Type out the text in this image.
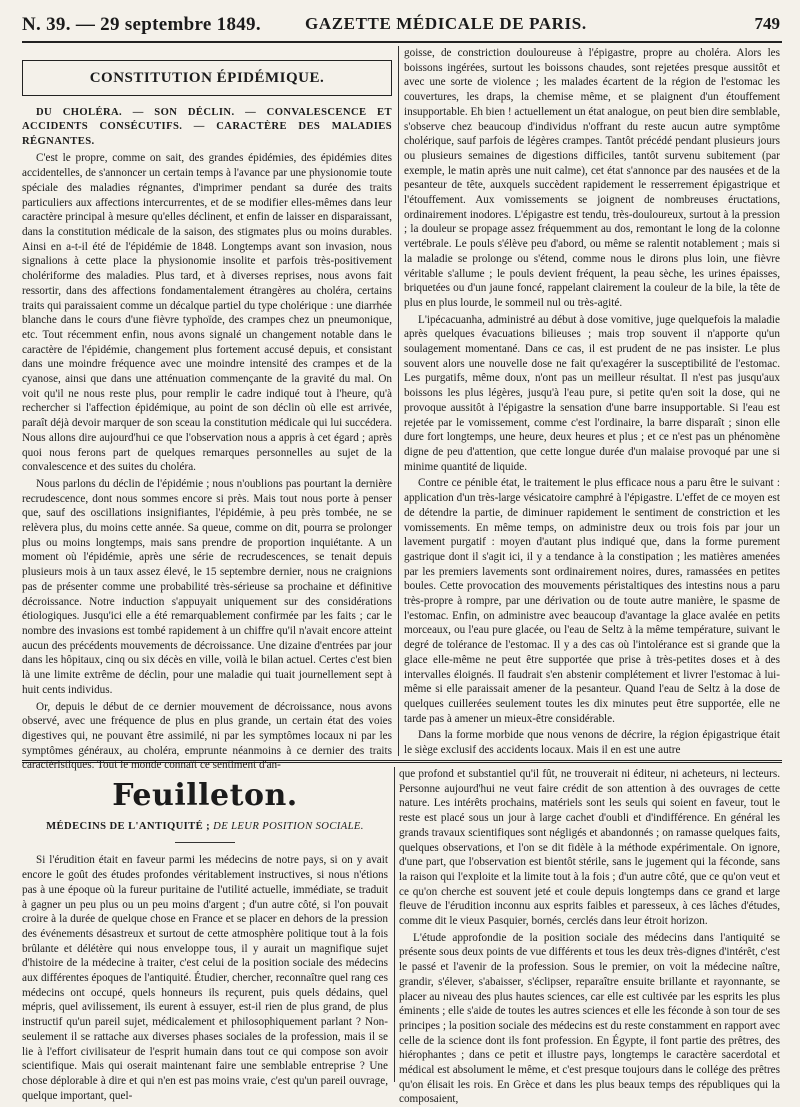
N. 39. — 29 septembre 1849.	GAZETTE MÉDICALE DE PARIS.	749
CONSTITUTION ÉPIDÉMIQUE.

DU CHOLÉRA. — SON DÉCLIN. — CONVALESCENCE ET ACCIDENTS CONSÉCUTIFS. — CARACTÈRE DES MALADIES RÉGNANTES.

C'est le propre, comme on sait, des grandes épidémies, des épidémies dites accidentelles, de s'annoncer un certain temps à l'avance par une physionomie toute spéciale des maladies régnantes, d'imprimer pendant sa durée des traits particuliers aux affections intercurrentes, et de se modifier elles-mêmes dans leur caractère principal à mesure qu'elles déclinent, et enfin de laisser en disparaissant, dans la constitution médicale de la saison, des stigmates plus ou moins durables. Ainsi en a-t-il été de l'épidémie de 1848. Longtemps avant son invasion, nous signalions à cette place la physionomie insolite et parfois très-positivement cholériforme des maladies. Plus tard, et à diverses reprises, nous avons fait ressortir, dans des affections fondamentalement étrangères au choléra, certains traits qui paraissaient comme un décalque partiel du type cholérique : une diarrhée blanche dans le cours d'une fièvre typhoïde, des crampes chez un pneumonique, etc. Tout récemment enfin, nous avons signalé un changement notable dans le caractère de l'épidémie, changement plus fortement accusé depuis, et consistant dans une moindre fréquence avec une moindre intensité des crampes et de la cyanose, ainsi que dans une atténuation commençante de la gravité du mal. On voit qu'il ne nous reste plus, pour remplir le cadre indiqué tout à l'heure, qu'à rechercher si l'affection épidémique, au point de son déclin où elle est arrivée, paraît déjà devoir marquer de son sceau la constitution médicale qui lui succédera. Nous allons dire aujourd'hui ce que l'observation nous a appris à cet égard ; après quoi nous ferons part de quelques remarques personnelles au sujet de la convalescence et des suites du choléra.

Nous parlons du déclin de l'épidémie ; nous n'oublions pas pourtant la dernière recrudescence, dont nous sommes encore si près. Mais tout nous porte à penser que, sauf des oscillations insignifiantes, l'épidémie, à peu près tombée, ne se relèvera plus, du moins cette année. Sa queue, comme on dit, pourra se prolonger plus ou moins longtemps, mais sans prendre de proportion inquiétante. A un moment où l'épidémie, après une série de recrudescences, se tenait depuis plusieurs mois à un taux assez élevé, le 15 septembre dernier, nous ne craignions pas de présenter comme une probabilité très-sérieuse sa prochaine et définitive décroissance. Notre induction s'appuyait uniquement sur des considérations étiologiques. Jusqu'ici elle a été remarquablement confirmée par les faits ; car le nombre des invasions est tombé rapidement à un chiffre qu'il n'avait encore atteint aucun des précédents mouvements de décroissance. Une dizaine d'entrées par jour dans les hôpitaux, cinq ou six décès en ville, voilà le bilan actuel. Certes c'est bien là une limite extrême de déclin, pour une maladie qui tuait journellement sept à huit cents individus.

Or, depuis le début de ce dernier mouvement de décroissance, nous avons observé, avec une fréquence de plus en plus grande, un certain état des voies digestives qui, ne pouvant être assimilé, ni par les symptômes locaux ni par les symptômes généraux, au choléra, emprunte néanmoins à ce dernier des traits caractéristiques. Tout le monde connaît ce sentiment d'an-

goisse, de constriction douloureuse à l'épigastre, propre au choléra. Alors les boissons ingérées, surtout les boissons chaudes, sont rejetées presque aussitôt et avec une sorte de violence ; les malades écartent de la région de l'estomac les couvertures, les draps, la chemise même, et se plaignent d'un étouffement insupportable. Eh bien ! actuellement un état analogue, on peut bien dire semblable, s'observe chez beaucoup d'individus n'offrant du reste aucun autre symptôme cholérique, sauf parfois de légères crampes. Tantôt précédé pendant plusieurs jours ou plusieurs semaines de digestions difficiles, tantôt survenu subitement (par exemple, le matin après une nuit calme), cet état s'annonce par des nausées et de la pesanteur de tête, auxquels succèdent rapidement le resserrement épigastrique et l'étouffement. Aux vomissements se joignent de nombreuses éructations, ordinairement inodores. L'épigastre est tendu, très-douloureux, surtout à la pression ; la douleur se propage assez fréquemment au dos, remontant le long de la colonne vertébrale. Le pouls s'élève peu d'abord, ou même se ralentit notablement ; mais si la maladie se prolonge ou s'étend, comme nous le dirons plus loin, une fièvre véritable s'allume ; le pouls devient fréquent, la peau sèche, les urines épaisses, briquetées ou d'un jaune foncé, rappelant clairement la couleur de la bile, la tête de plus en plus lourde, le sommeil nul ou très-agité.

L'ipécacuanha, administré au début à dose vomitive, juge quelquefois la maladie après quelques évacuations bilieuses ; mais trop souvent il n'apporte qu'un soulagement momentané. Dans ce cas, il est prudent de ne pas insister. Le plus souvent alors une nouvelle dose ne fait qu'exagérer la susceptibilité de l'estomac. Les purgatifs, même doux, n'ont pas un meilleur résultat. Il n'est pas jusqu'aux boissons les plus légères, jusqu'à l'eau pure, si petite qu'en soit la dose, qui ne provoque aussitôt à l'épigastre la sensation d'une barre insupportable. Si l'eau est rejetée par le vomissement, comme c'est l'ordinaire, la barre disparaît ; sinon elle dure fort longtemps, une heure, deux heures et plus ; et ce n'est pas un phénomène digne de peu d'attention, que cette longue durée d'un malaise provoqué par une si minime quantité de liquide.

Contre ce pénible état, le traitement le plus efficace nous a paru être le suivant : application d'un très-large vésicatoire camphré à l'épigastre. L'effet de ce moyen est de détendre la partie, de diminuer rapidement le sentiment de constriction et les vomissements. En même temps, on administre deux ou trois fois par jour un lavement purgatif : moyen d'autant plus indiqué que, dans la forme purement gastrique dont il s'agit ici, il y a tendance à la constipation ; les matières amenées par les premiers lavements sont ordinairement noires, dures, ramassées en petites boules. Cette provocation des mouvements péristaltiques des intestins nous a paru très-propre à rompre, par une dérivation ou de toute autre manière, le spasme de l'estomac. Enfin, on administre avec beaucoup d'avantage la glace avalée en petits morceaux, ou l'eau pure glacée, ou l'eau de Seltz à la même température, suivant le degré de tolérance de l'estomac. Il y a des cas où l'intolérance est si grande que la glace elle-même ne peut être supportée que prise à très-petites doses et à des intervalles éloignés. Il faudrait s'en abstenir complétement et livrer l'estomac à lui-même si elle paraissait amener de la pesanteur. Quand l'eau de Seltz à la dose de quelques cuillerées seulement toutes les dix minutes peut être supportée, elle ne tarde pas à amener un mieux-être considérable.

Dans la forme morbide que nous venons de décrire, la région épigastrique était le siège exclusif des accidents locaux. Mais il en est une autre

Feuilleton.
MÉDECINS DE L'ANTIQUITÉ ; DE LEUR POSITION SOCIALE.

Si l'érudition était en faveur parmi les médecins de notre pays, si on y avait encore le goût des études profondes véritablement instructives, si nous n'étions pas à une époque où la fureur puritaine de l'utilité actuelle, immédiate, se traduit à gagner un peu plus ou un peu moins d'argent ; d'un autre côté, si l'on pouvait croire à la durée de quelque chose en France et se placer en dehors de la pression des événements désastreux et surtout de cette atmosphère politique tout à la fois brûlante et délétère qui nous enveloppe tous, il y aurait un magnifique sujet d'histoire de la médecine à traiter, c'est celui de la position sociale des médecins aux différentes époques de l'antiquité. Étudier, chercher, reconnaître quel rang ces médecins ont occupé, quels honneurs ils reçurent, puis quels dédains, quel mépris, quel avilissement, ils eurent à essuyer, est-il rien de plus grand, de plus instructif qu'un pareil sujet, médicalement et philosophiquement parlant ? Non-seulement il se rattache aux diverses phases sociales de la profession, mais il se lie à l'effort civilisateur de l'esprit humain dans tout ce qui compose son avoir scientifique. Mais qui oserait maintenant faire une semblable entreprise ? Une chose déplorable à dire et qui n'en est pas moins vraie, c'est qu'un pareil ouvrage, quelque important, quel-

que profond et substantiel qu'il fût, ne trouverait ni éditeur, ni acheteurs, ni lecteurs. Personne aujourd'hui ne veut faire crédit de son attention à des ouvrages de cette nature. Les intérêts prochains, matériels sont les seuls qui soient en faveur, tout le reste est placé sous un jour à large cachet d'oubli et d'indifférence. En général les grands travaux scientifiques sont négligés et abandonnés ; on ramasse quelques faits, quelques observations, et l'on se dit fidèle à la méthode expérimentale. On ignore, d'une part, que l'observation est bientôt stérile, sans le jugement qui la féconde, sans la raison qui l'exploite et la limite tout à la fois ; d'un autre côté, que ce qu'on veut et ce qu'on cherche est souvent jeté et coule depuis longtemps dans ce grand et large fleuve de l'érudition inconnu aux esprits faibles et paresseux, à ces lâches d'études, comme dit le vieux Pasquier, bornés, cerclés dans leur étroit horizon.

L'étude approfondie de la position sociale des médecins dans l'antiquité se présente sous deux points de vue différents et tous les deux très-dignes d'intérêt, c'est le passé et l'avenir de la profession. Sous le premier, on voit la médecine naître, grandir, s'élever, s'abaisser, s'éclipser, reparaître ensuite brillante et rayonnante, se placer au niveau des plus hautes sciences, car elle est cultivée par les esprits les plus éminents ; elle s'aide de toutes les autres sciences et elle les féconde à son tour de ses principes ; la position sociale des médecins est du reste constamment en rapport avec celle de la science dont ils font profession. En Égypte, il font partie des prêtres, des hiérophantes ; dans ce petit et illustre pays, longtemps le caractère sacerdotal et médical est absolument le même, et c'est presque toujours dans le collége des prêtres qu'on élisait les rois. En Grèce et dans les plus beaux temps des républiques qui la composaient,
